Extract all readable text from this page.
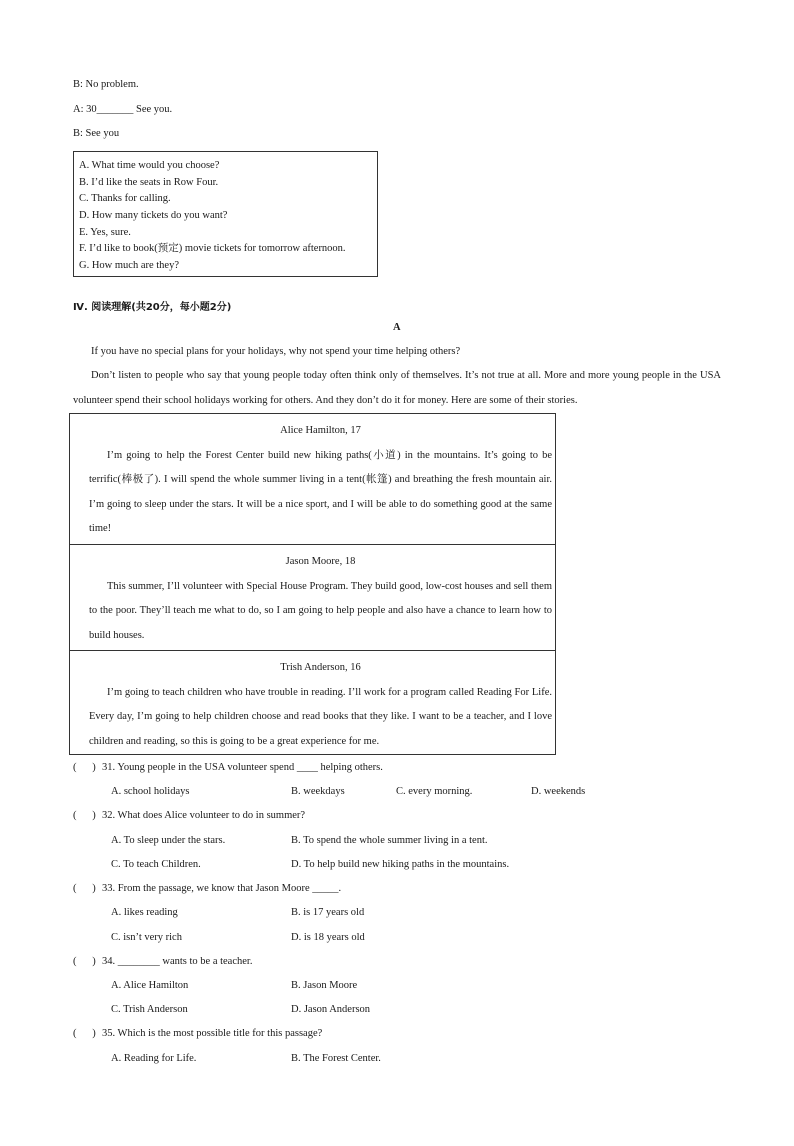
B: No problem.
A: 30_______ See you.
B: See you
A. What time would you choose?
B. I’d like the seats in Row Four.
C. Thanks for calling.
D. How many tickets do you want?
E. Yes, sure.
F. I’d like to book(预定) movie tickets for tomorrow afternoon.
G. How much are they?
Ⅳ. 阅读理解(共20分，每小题2分)
A
If you have no special plans for your holidays, why not spend your time helping others?
Don’t listen to people who say that young people today often think only of themselves. It’s not true at all. More and more young people in the USA volunteer spend their school holidays working for others. And they don’t do it for money. Here are some of their stories.
Alice Hamilton, 17
I’m going to help the Forest Center build new hiking paths(小道) in the mountains. It’s going to be terrific(棒极了). I will spend the whole summer living in a tent(帐篷) and breathing the fresh mountain air. I’m going to sleep under the stars. It will be a nice sport, and I will be able to do something good at the same time!
Jason Moore, 18
This summer, I’ll volunteer with Special House Program. They build good, low-cost houses and sell them to the poor. They’ll teach me what to do, so I am going to help people and also have a chance to learn how to build houses.
Trish Anderson, 16
I’m going to teach children who have trouble in reading. I’ll work for a program called Reading For Life. Every day, I’m going to help children choose and read books that they like. I want to be a teacher, and I love children and reading, so this is going to be a great experience for me.
( ) 31. Young people in the USA volunteer spend ____ helping others.
A. school holidays	B. weekdays	C. every morning.	D. weekends
( ) 32. What does Alice volunteer to do in summer?
A. To sleep under the stars.	B. To spend the whole summer living in a tent.
C. To teach Children.	D. To help build new hiking paths in the mountains.
( ) 33. From the passage, we know that Jason Moore _____.
A. likes reading	B. is 17 years old
C. isn’t very rich	D. is 18 years old
( ) 34. ________ wants to be a teacher.
A. Alice Hamilton	B. Jason Moore
C. Trish Anderson	D. Jason Anderson
( ) 35. Which is the most possible title for this passage?
A. Reading for Life.	B. The Forest Center.
